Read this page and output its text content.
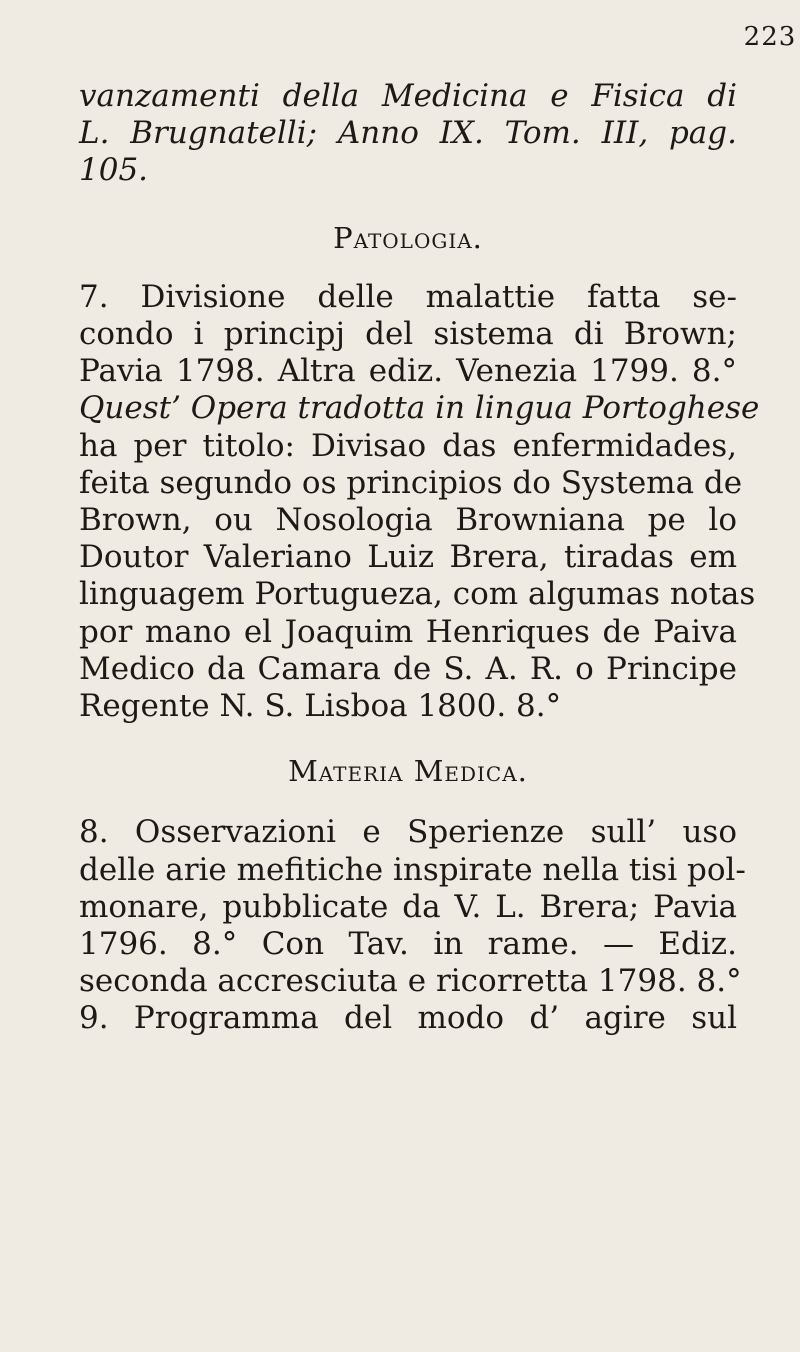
223
vanzamenti della Medicina e Fisica di
L. Brugnatelli; Anno IX. Tom. III, pag.
105.
Patologia.
7. Divisione delle malattie fatta se-
condo i principj del sistema di Brown;
Pavia 1798. Altra ediz. Venezia 1799. 8.°
Quest’ Opera tradotta in lingua Portoghese
ha per titolo: Divisao das enfermidades,
feita segundo os principios do Systema de
Brown, ou Nosologia Browniana pe lo
Doutor Valeriano Luiz Brera, tiradas em
linguagem Portugueza, com algumas notas
por mano el Joaquim Henriques de Paiva
Medico da Camara de S. A. R. o Principe
Regente N. S. Lisboa 1800. 8.°
Materia Medica.
8. Osservazioni e Sperienze sull’ uso
delle arie mefitiche inspirate nella tisi pol-
monare, pubblicate da V. L. Brera; Pavia
1796. 8.° Con Tav. in rame. — Ediz.
seconda accresciuta e ricorretta 1798. 8.°
9. Programma del modo d’ agire sul
